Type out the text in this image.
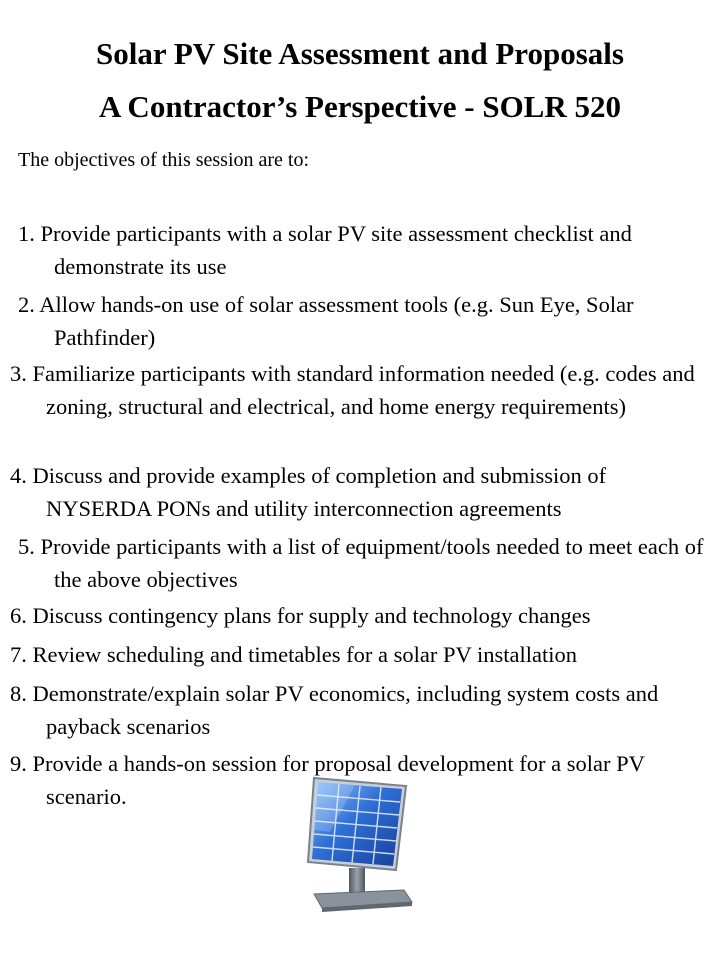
Solar PV Site Assessment and Proposals
A Contractor’s Perspective - SOLR 520

The objectives of this session are to:

1. Provide participants with a solar PV site assessment checklist and demonstrate its use
2. Allow hands-on use of solar assessment tools (e.g. Sun Eye, Solar Pathfinder)
3. Familiarize participants with standard information needed (e.g. codes and zoning, structural and electrical, and home energy requirements)
4. Discuss and provide examples of completion and submission of NYSERDA PONs and utility interconnection agreements
5. Provide participants with a list of equipment/tools needed to meet each of the above objectives
6. Discuss contingency plans for supply and technology changes
7. Review scheduling and timetables for a solar PV installation
8. Demonstrate/explain solar PV economics, including system costs and payback scenarios
9. Provide a hands-on session for proposal development for a solar PV scenario.
